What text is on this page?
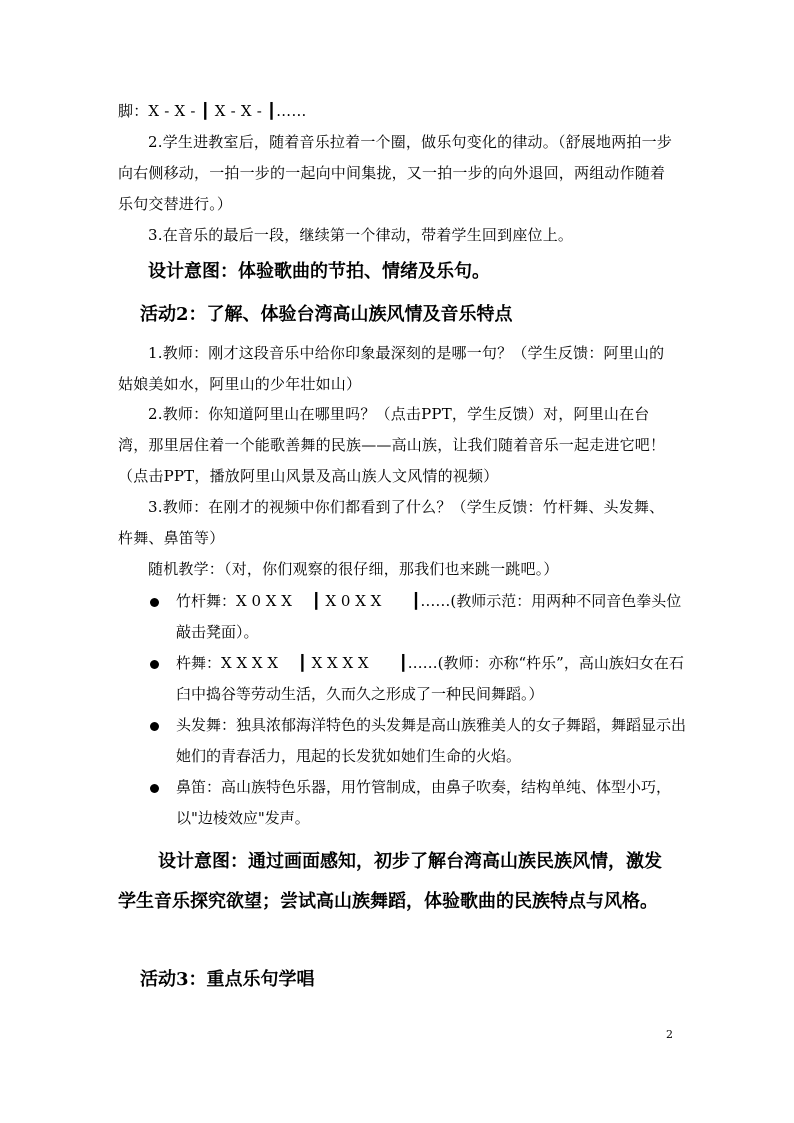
脚：X - X - ┃ X - X - ┃……
2.学生进教室后，随着音乐拉着一个圈，做乐句变化的律动。（舒展地两拍一步向右侧移动，一拍一步的一起向中间集拢，又一拍一步的向外退回，两组动作随着乐句交替进行。）
3.在音乐的最后一段，继续第一个律动，带着学生回到座位上。
设计意图：体验歌曲的节拍、情绪及乐句。
活动2：了解、体验台湾高山族风情及音乐特点
1.教师：刚才这段音乐中给你印象最深刻的是哪一句？（学生反馈：阿里山的姑娘美如水，阿里山的少年壮如山）
2.教师：你知道阿里山在哪里吗？（点击PPT，学生反馈）对，阿里山在台湾，那里居住着一个能歌善舞的民族——高山族，让我们随着音乐一起走进它吧！（点击PPT，播放阿里山风景及高山族人文风情的视频）
3.教师：在刚才的视频中你们都看到了什么？（学生反馈：竹杆舞、头发舞、杵舞、鼻笛等）
随机教学：（对，你们观察的很仔细，那我们也来跳一跳吧。）
竹杆舞：X 0 X X　 ┃ X 0 X X　　┃……(教师示范：用两种不同音色拳头位敲击凳面）。
杵舞：X X X X　 ┃ X X X X　　┃……(教师：亦称“杵乐”，高山族妇女在石臼中捣谷等劳动生活，久而久之形成了一种民间舞蹈。）
头发舞：独具浓郁海洋特色的头发舞是高山族雅美人的女子舞蹈，舞蹈显示出她们的青春活力，甩起的长发犹如她们生命的火焰。
鼻笛：高山族特色乐器，用竹管制成，由鼻子吹奏，结构单纯、体型小巧，以"边棱效应"发声。
设计意图：通过画面感知，初步了解台湾高山族民族风情，激发学生音乐探究欲望；尝试高山族舞蹈，体验歌曲的民族特点与风格。
活动3：重点乐句学唱
2
